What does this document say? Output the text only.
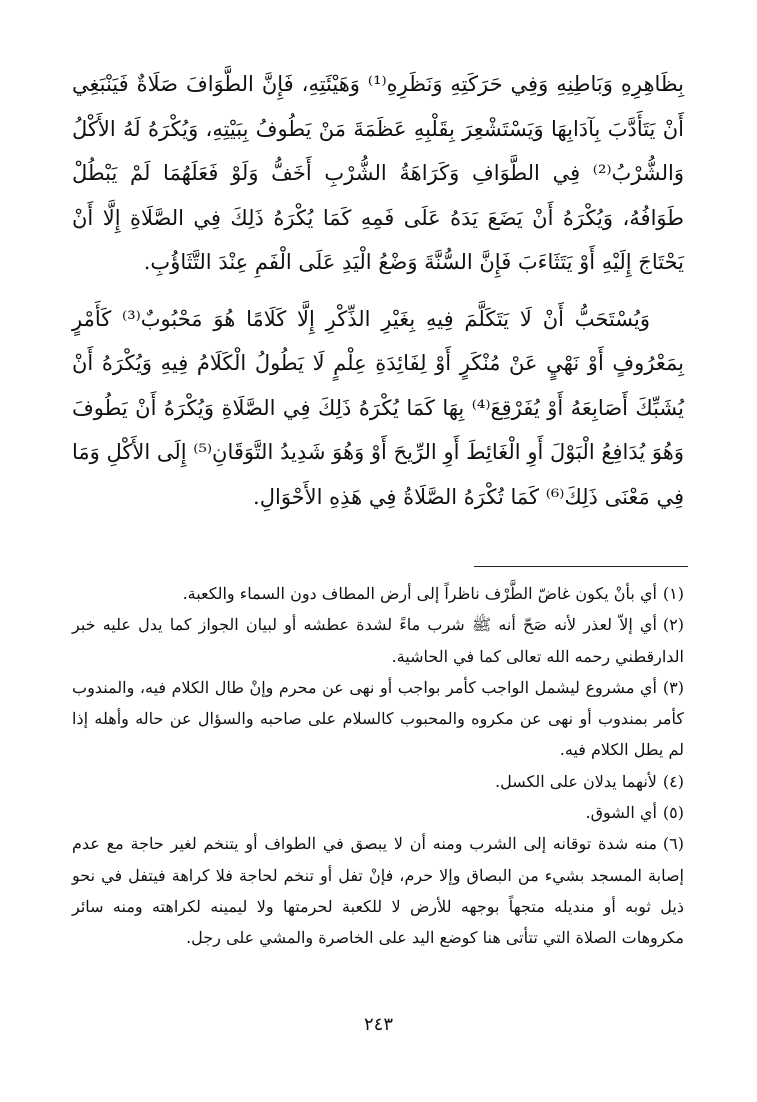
بِظَاهِرِهِ وَبَاطِنِهِ وَفِي حَرَكَتِهِ وَنَظَرِهِ⁽¹⁾ وَهَيْئَتِهِ، فَإِنَّ الطَّوَافَ صَلَاةٌ فَيَنْبَغِي أَنْ يَتَأَدَّبَ بِآدَابِهَا وَيَسْتَشْعِرَ بِقَلْبِهِ عَظَمَةَ مَنْ يَطُوفُ بِبَيْتِهِ، وَيُكْرَهُ لَهُ الأَكْلُ وَالشُّرْبُ⁽²⁾ فِي الطَّوَافِ وَكَرَاهَةُ الشُّرْبِ أَخَفُّ وَلَوْ فَعَلَهُمَا لَمْ يَبْطُلْ طَوَافُهُ، وَيُكْرَهُ أَنْ يَضَعَ يَدَهُ عَلَى فَمِهِ كَمَا يُكْرَهُ ذَلِكَ فِي الصَّلَاةِ إِلَّا أَنْ يَحْتَاجَ إِلَيْهِ أَوْ يَتَثَاءَبَ فَإِنَّ السُّنَّةَ وَضْعُ الْيَدِ عَلَى الْفَمِ عِنْدَ التَّثَاؤُبِ.

وَيُسْتَحَبُّ أَنْ لَا يَتَكَلَّمَ فِيهِ بِغَيْرِ الذِّكْرِ إِلَّا كَلَامًا هُوَ مَحْبُوبٌ⁽³⁾ كَأَمْرٍ بِمَعْرُوفٍ أَوْ نَهْيٍ عَنْ مُنْكَرٍ أَوْ لِفَائِدَةِ عِلْمٍ لَا يَطُولُ الْكَلَامُ فِيهِ وَيُكْرَهُ أَنْ يُشَبِّكَ أَصَابِعَهُ أَوْ يُفَرْقِعَ⁽⁴⁾ بِهَا كَمَا يُكْرَهُ ذَلِكَ فِي الصَّلَاةِ وَيُكْرَهُ أَنْ يَطُوفَ وَهُوَ يُدَافِعُ الْبَوْلَ أَوِ الْغَائِطَ أَوِ الرِّيحَ أَوْ وَهُوَ شَدِيدُ التَّوَقَانِ⁽⁵⁾ إِلَى الأَكْلِ وَمَا فِي مَعْنَى ذَلِكَ⁽⁶⁾ كَمَا تُكْرَهُ الصَّلَاةُ فِي هَذِهِ الأَحْوَالِ.

(١)أي بأنْ يكون غاضّ الطَّرْف ناظراً إلى أرض المطاف دون السماء والكعبة.

(٢)أي إلاّ لعذر لأنه صَحّ أنه ﷺ شرب ماءً لشدة عطشه أو لبيان الجواز كما يدل عليه خبر الدارقطني رحمه الله تعالى كما في الحاشية.

(٣)أي مشروع ليشمل الواجب كأمر بواجب أو نهى عن محرم وإنْ طال الكلام فيه، والمندوب كأمر بمندوب أو نهى عن مكروه والمحبوب كالسلام على صاحبه والسؤال عن حاله وأهله إذا لم يطل الكلام فيه.

(٤)لأنهما يدلان على الكسل.

(٥)أي الشوق.

(٦)منه شدة توقانه إلى الشرب ومنه أن لا يبصق في الطواف أو يتنخم لغير حاجة مع عدم إصابة المسجد بشيء من البصاق وإلا حرم، فإنْ تفل أو تنخم لحاجة فلا كراهة فيتفل في نحو ذيل ثوبه أو منديله متجهاً بوجهه للأرض لا للكعبة لحرمتها ولا ليمينه لكراهته ومنه سائر مكروهات الصلاة التي تتأتى هنا كوضع اليد على الخاصرة والمشي على رجل.

٢٤٣
